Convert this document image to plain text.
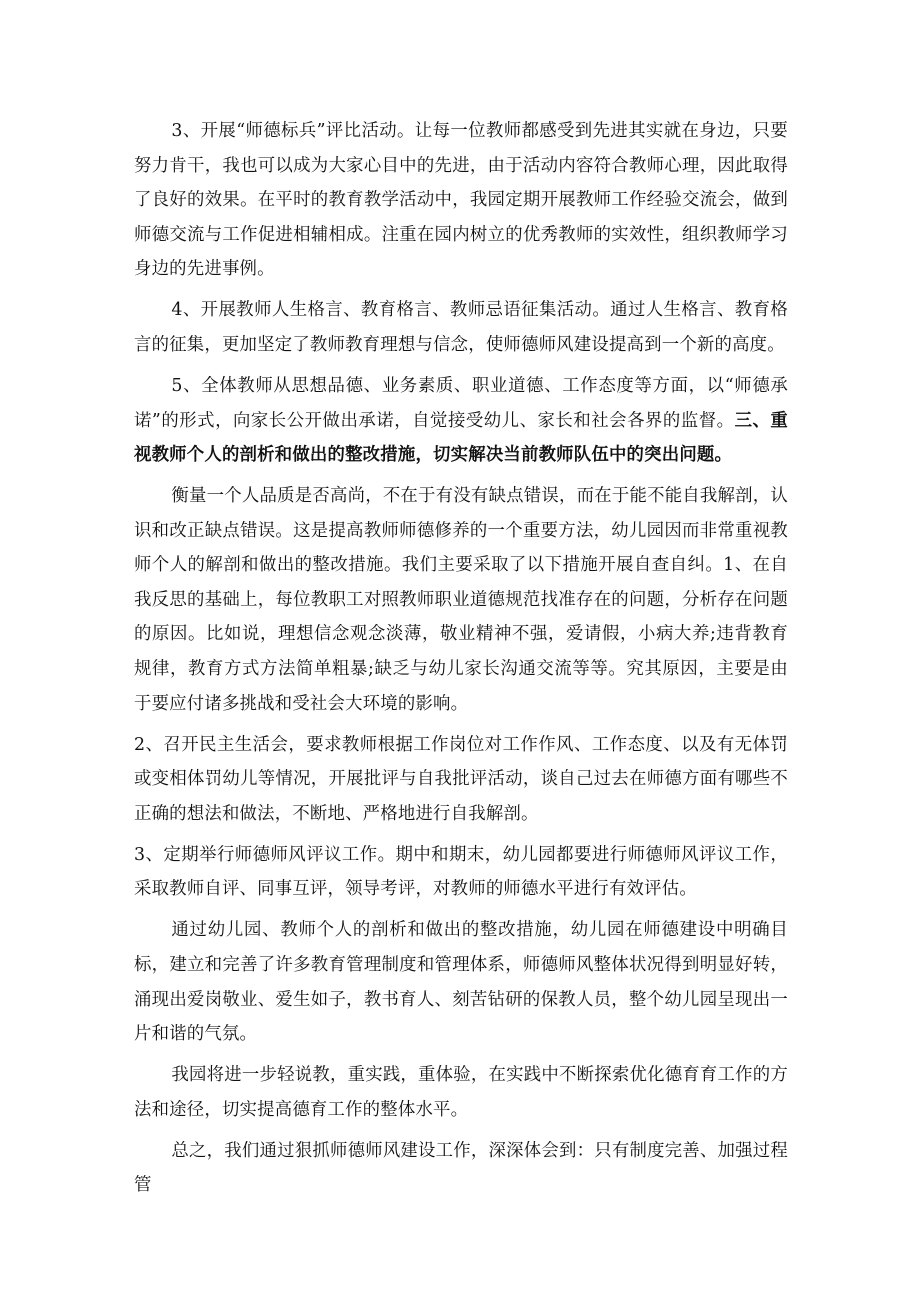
3、开展“师德标兵”评比活动。让每一位教师都感受到先进其实就在身边，只要努力肯干，我也可以成为大家心目中的先进，由于活动内容符合教师心理，因此取得了良好的效果。在平时的教育教学活动中，我园定期开展教师工作经验交流会，做到师德交流与工作促进相辅相成。注重在园内树立的优秀教师的实效性，组织教师学习身边的先进事例。

4、开展教师人生格言、教育格言、教师忌语征集活动。通过人生格言、教育格言的征集，更加坚定了教师教育理想与信念，使师德师风建设提高到一个新的高度。

5、全体教师从思想品德、业务素质、职业道德、工作态度等方面，以“师德承诺”的形式，向家长公开做出承诺，自觉接受幼儿、家长和社会各界的监督。三、重视教师个人的剖析和做出的整改措施，切实解决当前教师队伍中的突出问题。

衡量一个人品质是否高尚，不在于有没有缺点错误，而在于能不能自我解剖，认识和改正缺点错误。这是提高教师师德修养的一个重要方法，幼儿园因而非常重视教师个人的解剖和做出的整改措施。我们主要采取了以下措施开展自查自纠。1、在自我反思的基础上，每位教职工对照教师职业道德规范找准存在的问题，分析存在问题的原因。比如说，理想信念观念淡薄，敬业精神不强，爱请假，小病大养;违背教育规律，教育方式方法简单粗暴;缺乏与幼儿家长沟通交流等等。究其原因，主要是由于要应付诸多挑战和受社会大环境的影响。

2、召开民主生活会，要求教师根据工作岗位对工作作风、工作态度、以及有无体罚或变相体罚幼儿等情况，开展批评与自我批评活动，谈自己过去在师德方面有哪些不正确的想法和做法，不断地、严格地进行自我解剖。

3、定期举行师德师风评议工作。期中和期末，幼儿园都要进行师德师风评议工作，采取教师自评、同事互评，领导考评，对教师的师德水平进行有效评估。

通过幼儿园、教师个人的剖析和做出的整改措施，幼儿园在师德建设中明确目标，建立和完善了许多教育管理制度和管理体系，师德师风整体状况得到明显好转，涌现出爱岗敬业、爱生如子，教书育人、刻苦钻研的保教人员，整个幼儿园呈现出一片和谐的气氛。

我园将进一步轻说教，重实践，重体验，在实践中不断探索优化德育育工作的方法和途径，切实提高德育工作的整体水平。

总之，我们通过狠抓师德师风建设工作，深深体会到：只有制度完善、加强过程管
